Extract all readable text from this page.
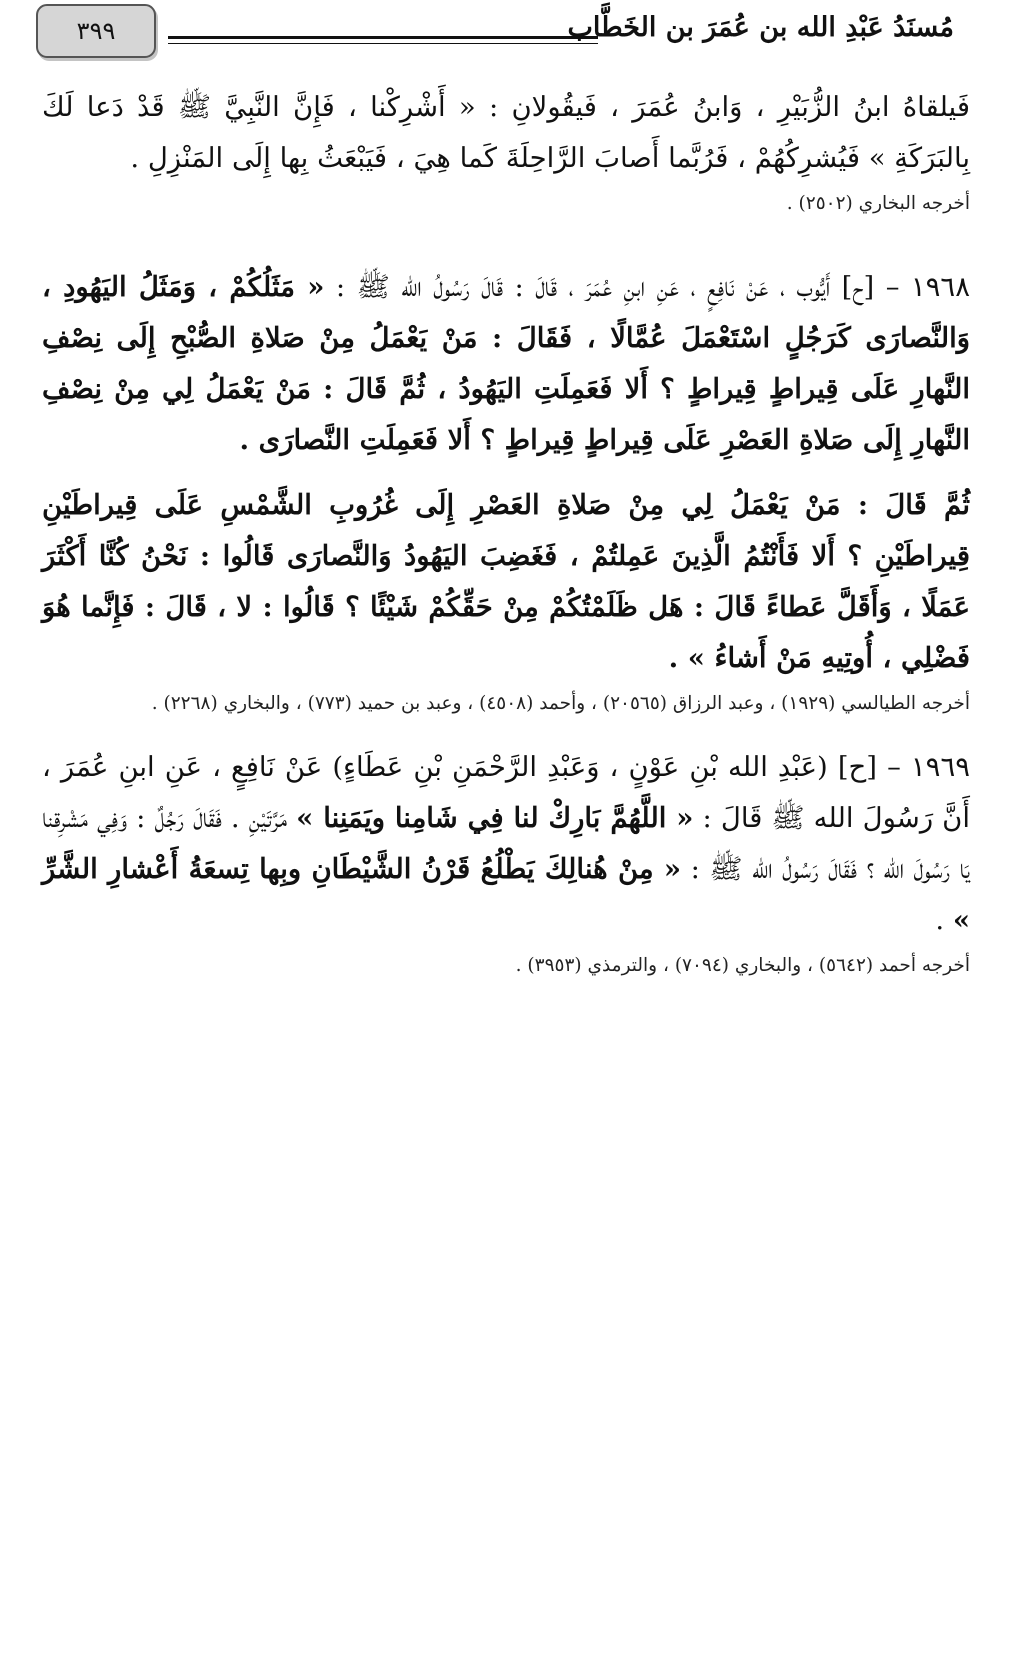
مُسنَدُ عَبْدِ الله بن عُمَرَ بن الخَطَّاب
٣٩٩

فَيلقاهُ ابنُ الزُّبَيْرِ ، وَابنُ عُمَرَ ، فَيقُولانِ : « أَشْرِكْنا ، فَإِنَّ النَّبِيَّ ﷺ قَدْ دَعا لَكَ بِالبَرَكَةِ » فَيُشرِكُهُمْ ، فَرُبَّما أَصابَ الرَّاحِلَةَ كَما هِيَ ، فَيَبْعَثُ بِها إِلَى المَنْزِلِ .

أخرجه البخاري (٢٥٠٢) .

١٩٦٨ – [ح] أَيُّوب ، عَنْ نَافِعٍ ، عَنِ ابنِ عُمَرَ ، قَالَ : قَالَ رَسُولُ الله ﷺ : « مَثَلُكُمْ ، وَمَثَلُ اليَهُودِ ، وَالنَّصارَى كَرَجُلٍ اسْتَعْمَلَ عُمَّالًا ، فَقَالَ : مَنْ يَعْمَلُ مِنْ صَلاةِ الصُّبْحِ إِلَى نِصْفِ النَّهارِ عَلَى قِيراطٍ قِيراطٍ ؟ أَلا فَعَمِلَتِ اليَهُودُ ، ثُمَّ قَالَ : مَنْ يَعْمَلُ لِي مِنْ نِصْفِ النَّهارِ إِلَى صَلاةِ العَصْرِ عَلَى قِيراطٍ قِيراطٍ ؟ أَلا فَعَمِلَتِ النَّصارَى .

ثُمَّ قَالَ : مَنْ يَعْمَلُ لِي مِنْ صَلاةِ العَصْرِ إِلَى غُرُوبِ الشَّمْسِ عَلَى قِيراطَيْنِ قِيراطَيْنِ ؟ أَلا فَأَنْتُمُ الَّذِينَ عَمِلتُمْ ، فَغَضِبَ اليَهُودُ وَالنَّصارَى قَالُوا : نَحْنُ كُنَّا أَكْثَرَ عَمَلًا ، وَأَقَلَّ عَطاءً قَالَ : هَل ظَلَمْتُكُمْ مِنْ حَقِّكُمْ شَيْئًا ؟ قَالُوا : لا ، قَالَ : فَإِنَّما هُوَ فَضْلِي ، أُوتِيهِ مَنْ أَشاءُ » .

أخرجه الطيالسي (١٩٢٩) ، وعبد الرزاق (٢٠٥٦٥) ، وأحمد (٤٥٠٨) ، وعبد بن حميد (٧٧٣) ، والبخاري (٢٢٦٨) .

١٩٦٩ – [ح] (عَبْدِ الله بْنِ عَوْنٍ ، وَعَبْدِ الرَّحْمَنِ بْنِ عَطَاءٍ) عَنْ نَافِعٍ ، عَنِ ابنِ عُمَرَ ، أَنَّ رَسُولَ الله ﷺ قَالَ : « اللَّهُمَّ بَارِكْ لنا فِي شَامِنا ويَمَنِنا » مَرَّتَيْنِ . فَقَالَ رَجُلٌ : وَفِي مَشْرِقنا يَا رَسُولَ الله ؟ فَقَالَ رَسُولُ الله ﷺ : « مِنْ هُنالِكَ يَطْلُعُ قَرْنُ الشَّيْطَانِ وبِها تِسعَةُ أَعْشارِ الشَّرِّ » .

أخرجه أحمد (٥٦٤٢) ، والبخاري (٧٠٩٤) ، والترمذي (٣٩٥٣) .
